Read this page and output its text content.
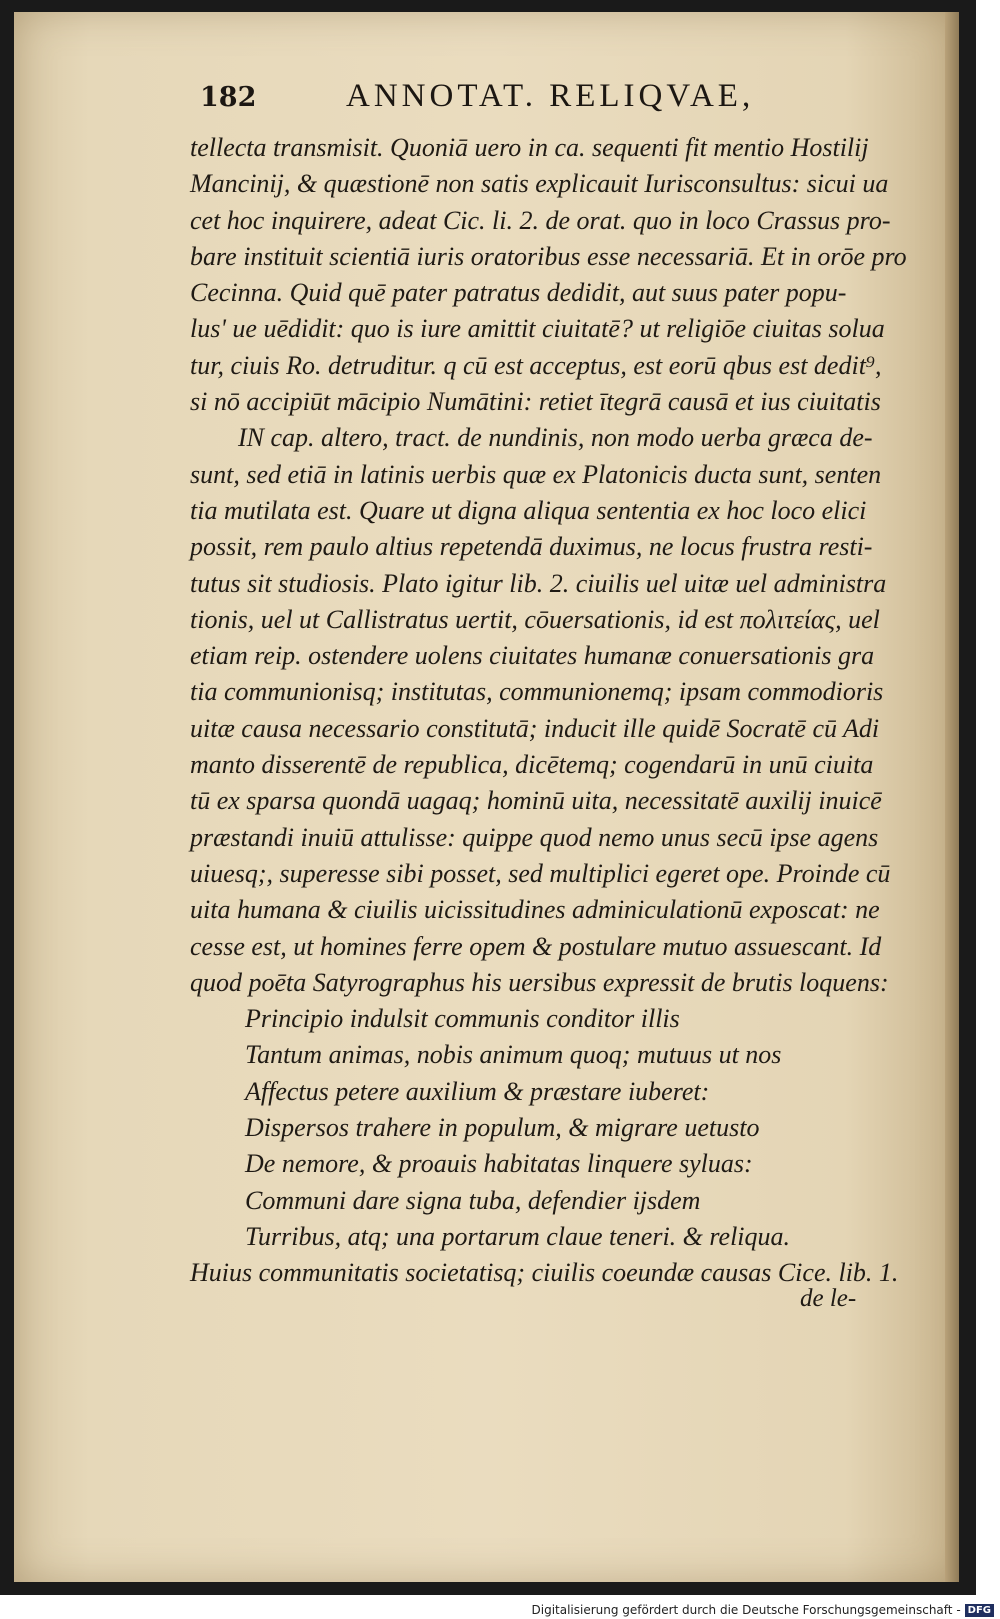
182	ANNOTAT. RELIQVAE,
tellecta transmisit. Quoniā uero in ca. sequenti fit mentio Hostilij
Mancinij, & quæstionē non satis explicauit Iurisconsultus: sicui ua
cet hoc inquirere, adeat Cic. li. 2. de orat. quo in loco Crassus pro-
bare instituit scientiā iuris oratoribus esse necessariā. Et in orōe pro
Cecinna. Quid quē pater patratus dedidit, aut suus pater popu-
lus' ue uēdidit: quo is iure amittit ciuitatē? ut religiōe ciuitas solua
tur, ciuis Ro. detruditur. q cū est acceptus, est eorū qbus est dedit⁹,
si nō accipiūt mācipio Numātini: retiet ītegrā causā et ius ciuitatis
IN cap. altero, tract. de nundinis, non modo uerba græca de-
sunt, sed etiā in latinis uerbis quæ ex Platonicis ducta sunt, senten
tia mutilata est. Quare ut digna aliqua sententia ex hoc loco elici
possit, rem paulo altius repetendā duximus, ne locus frustra resti-
tutus sit studiosis. Plato igitur lib. 2. ciuilis uel uitæ uel administra
tionis, uel ut Callistratus uertit, cōuersationis, id est πολιτείας, uel
etiam reip. ostendere uolens ciuitates humanæ conuersationis gra
tia communionisq; institutas, communionemq; ipsam commodioris
uitæ causa necessario constitutā; inducit ille quidē Socratē cū Adi
manto disserentē de republica, dicētemq; cogendarū in unū ciuita
tū ex sparsa quondā uagaq; hominū uita, necessitatē auxilij inuicē
præstandi inuiū attulisse: quippe quod nemo unus secū ipse agens
uiuesq;, superesse sibi posset, sed multiplici egeret ope. Proinde cū
uita humana & ciuilis uicissitudines adminiculationū exposcat: ne
cesse est, ut homines ferre opem & postulare mutuo assuescant. Id
quod poēta Satyrographus his uersibus expressit de brutis loquens:
Principio indulsit communis conditor illis
Tantum animas, nobis animum quoq; mutuus ut nos
Affectus petere auxilium & præstare iuberet:
Dispersos trahere in populum, & migrare uetusto
De nemore, & proauis habitatas linquere syluas:
Communi dare signa tuba, defendier ijsdem
Turribus, atq; una portarum claue teneri. & reliqua.
Huius communitatis societatisq; ciuilis coeundæ causas Cice. lib. 1.
de le-
Digitalisierung gefördert durch die Deutsche Forschungsgemeinschaft - DFG
